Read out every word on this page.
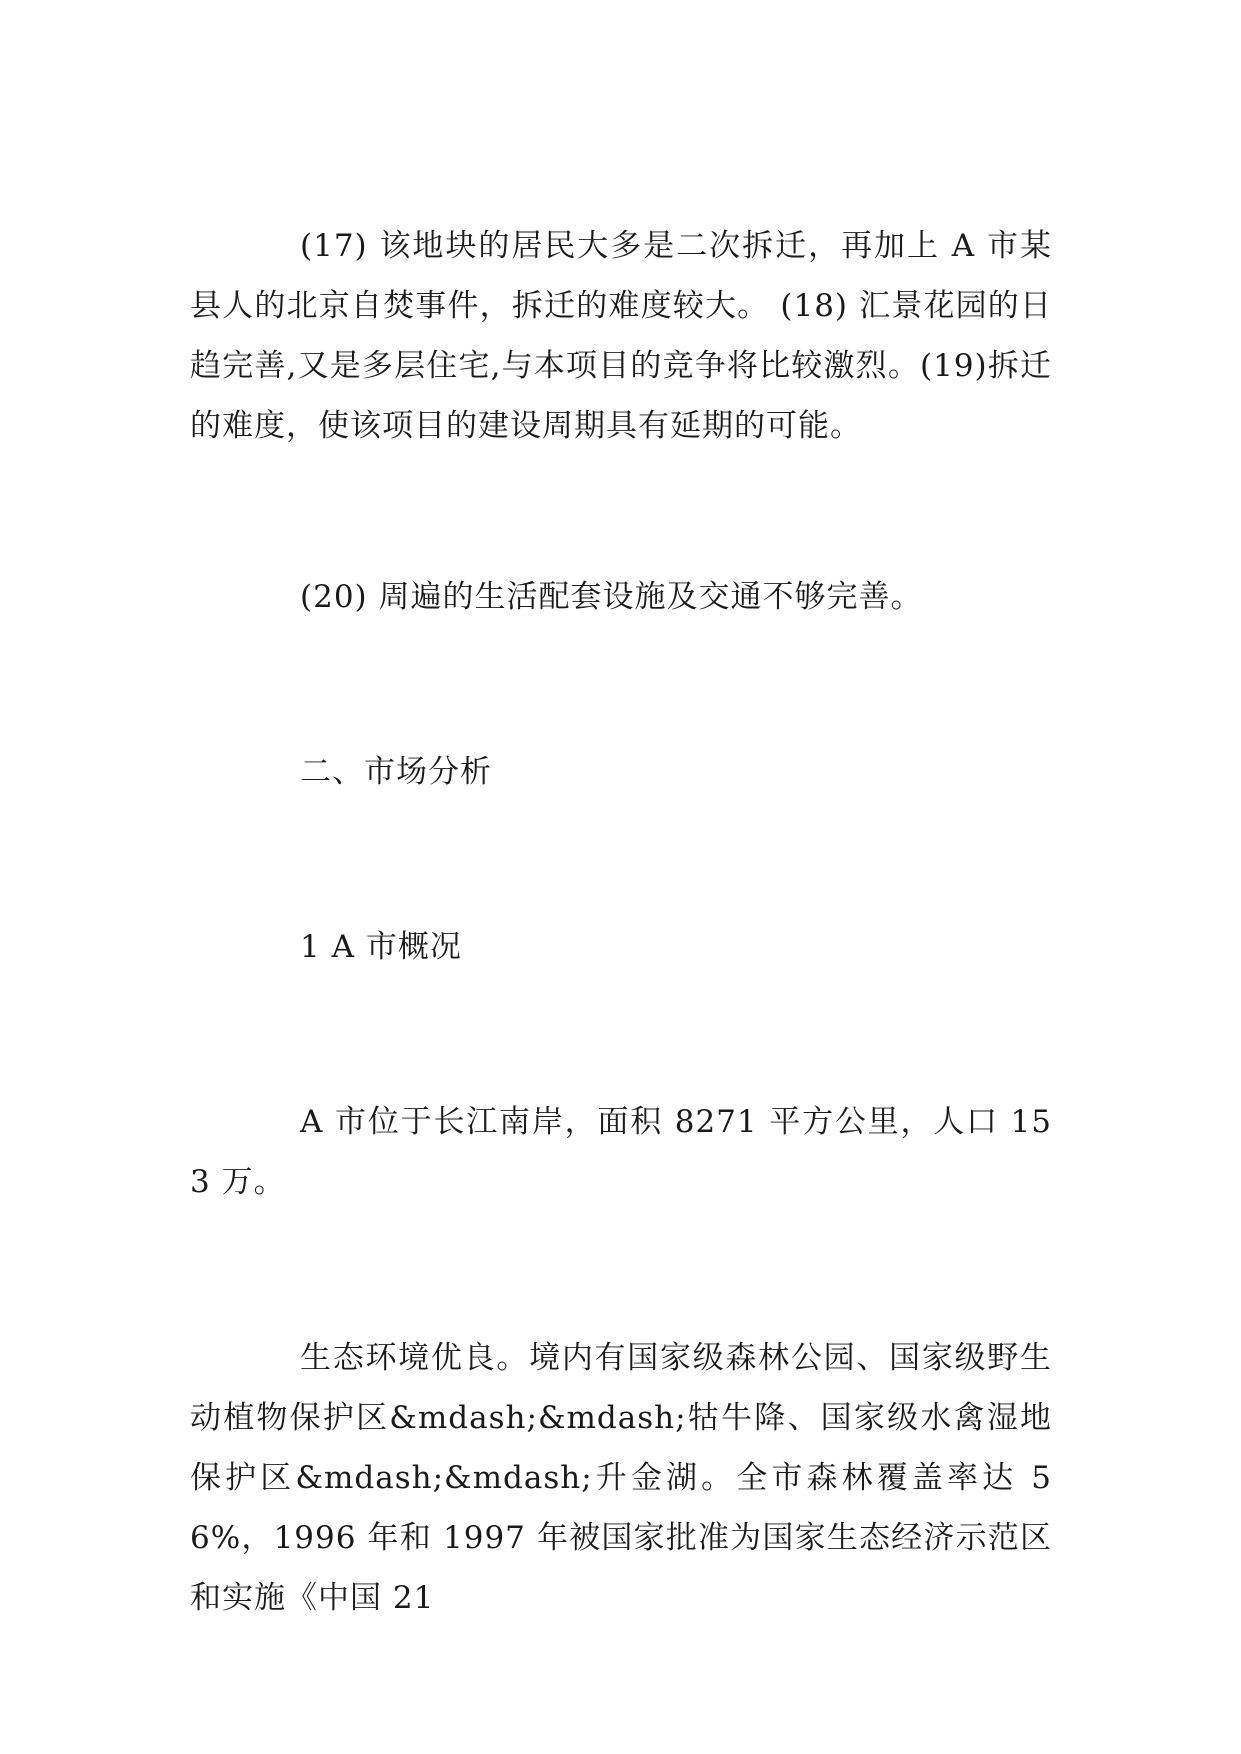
(17) 该地块的居民大多是二次拆迁，再加上 A 市某县人的北京自焚事件，拆迁的难度较大。 (18) 汇景花园的日趋完善,又是多层住宅,与本项目的竞争将比较激烈。(19)拆迁的难度，使该项目的建设周期具有延期的可能。

(20) 周遍的生活配套设施及交通不够完善。

二、市场分析

1 A 市概况

A 市位于长江南岸，面积 8271 平方公里，人口 153 万。

生态环境优良。境内有国家级森林公园、国家级野生动植物保护区&mdash;&mdash;牯牛降、国家级水禽湿地保护区&mdash;&mdash;升金湖。全市森林覆盖率达 56%，1996 年和 1997 年被国家批准为国家生态经济示范区和实施《中国 21
